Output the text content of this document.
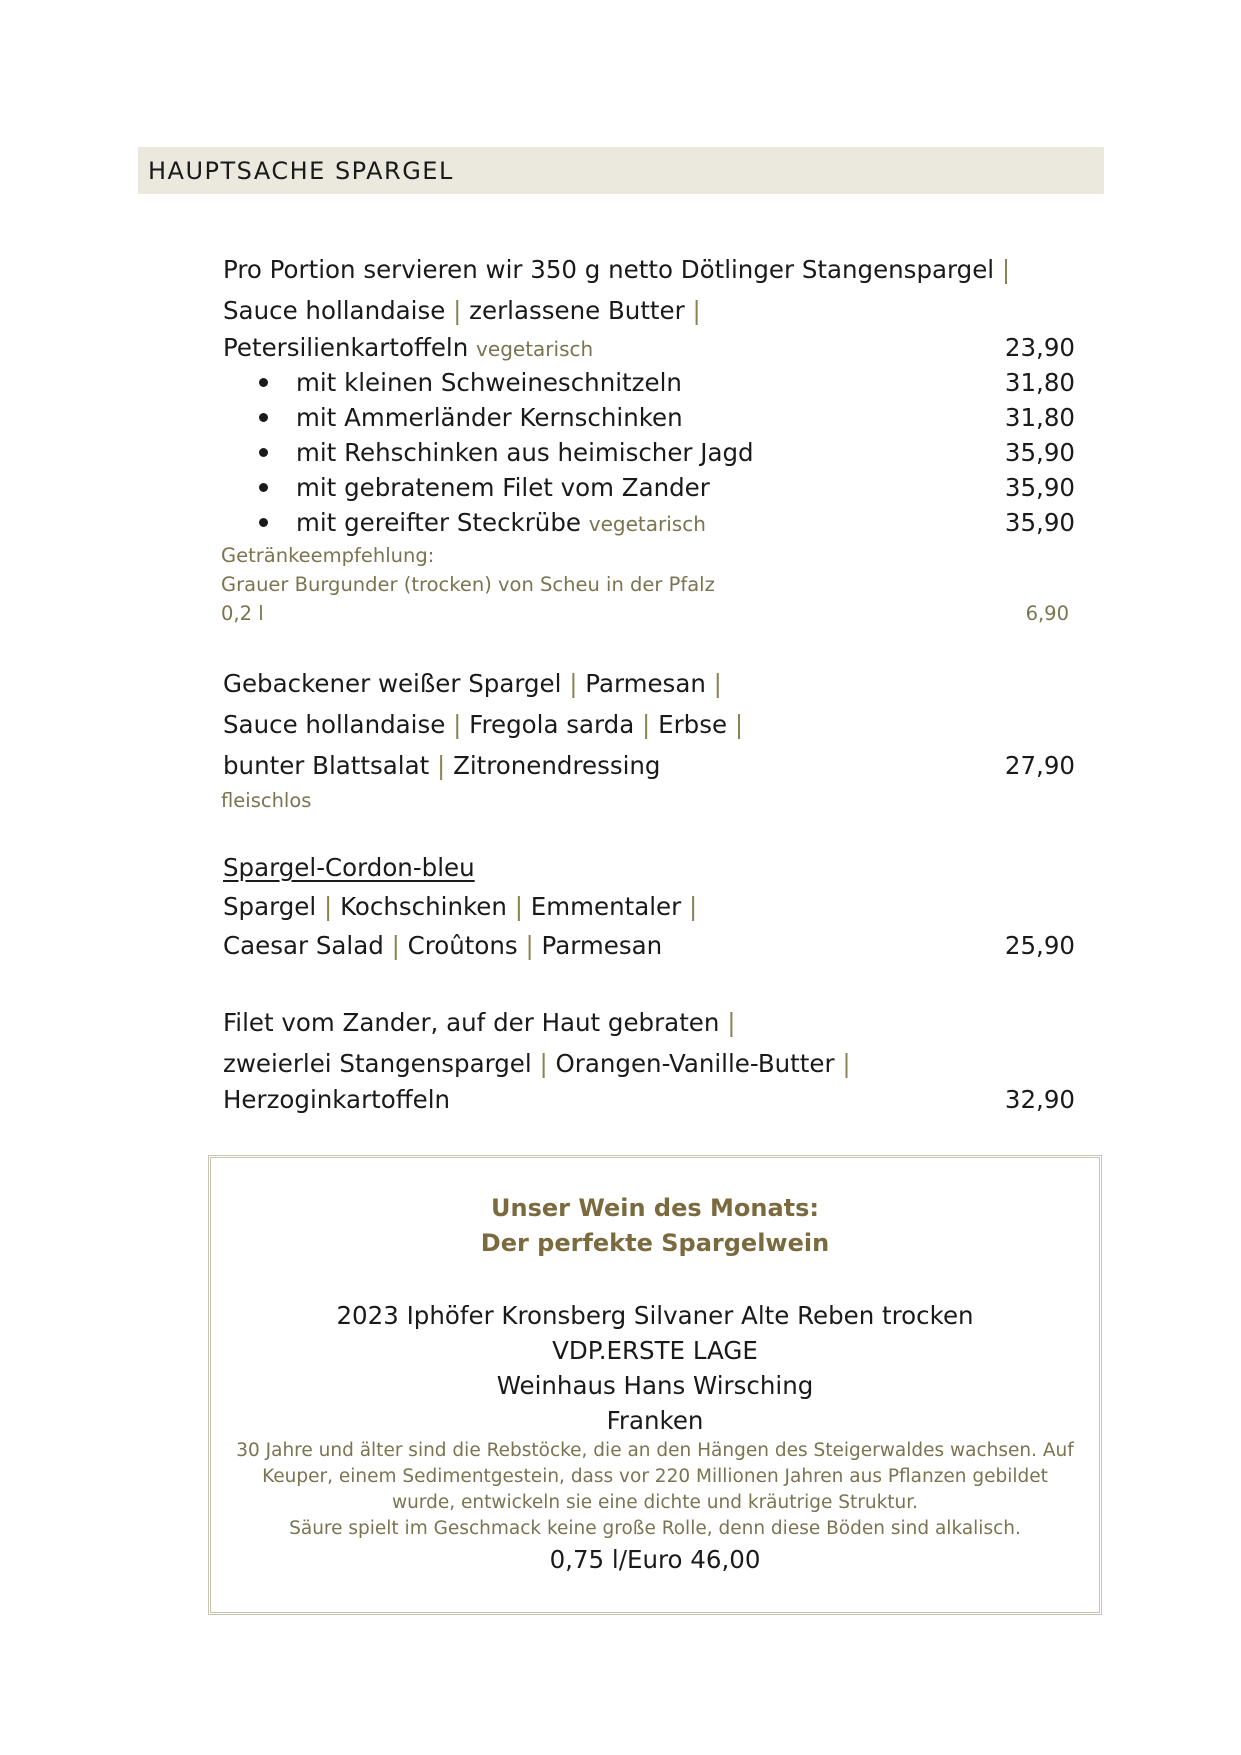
HAUPTSACHE SPARGEL
Pro Portion servieren wir 350 g netto Dötlinger Stangenspargel |
Sauce hollandaise | zerlassene Butter |
Petersilienkartoffeln vegetarisch	23,90
mit kleinen Schweineschnitzeln	31,80
mit Ammerländer Kernschinken	31,80
mit Rehschinken aus heimischer Jagd	35,90
mit gebratenem Filet vom Zander	35,90
mit gereifter Steckrübe vegetarisch	35,90
Getränkeempfehlung:
Grauer Burgunder (trocken) von Scheu in der Pfalz
0,2 l	6,90
Gebackener weißer Spargel | Parmesan |
Sauce hollandaise | Fregola sarda | Erbse |
bunter Blattsalat | Zitronendressing	27,90
fleischlos
Spargel-Cordon-bleu
Spargel | Kochschinken | Emmentaler |
Caesar Salad | Croûtons | Parmesan	25,90
Filet vom Zander, auf der Haut gebraten |
zweierlei Stangenspargel | Orangen-Vanille-Butter |
Herzoginkartoffeln	32,90
Unser Wein des Monats:
Der perfekte Spargelwein
2023 Iphöfer Kronsberg Silvaner Alte Reben trocken
VDP.ERSTE LAGE
Weinhaus Hans Wirsching
Franken
30 Jahre und älter sind die Rebstöcke, die an den Hängen des Steigerwaldes wachsen. Auf
Keuper, einem Sedimentgestein, dass vor 220 Millionen Jahren aus Pflanzen gebildet
wurde, entwickeln sie eine dichte und kräutrige Struktur.
Säure spielt im Geschmack keine große Rolle, denn diese Böden sind alkalisch.
0,75 l/Euro 46,00
